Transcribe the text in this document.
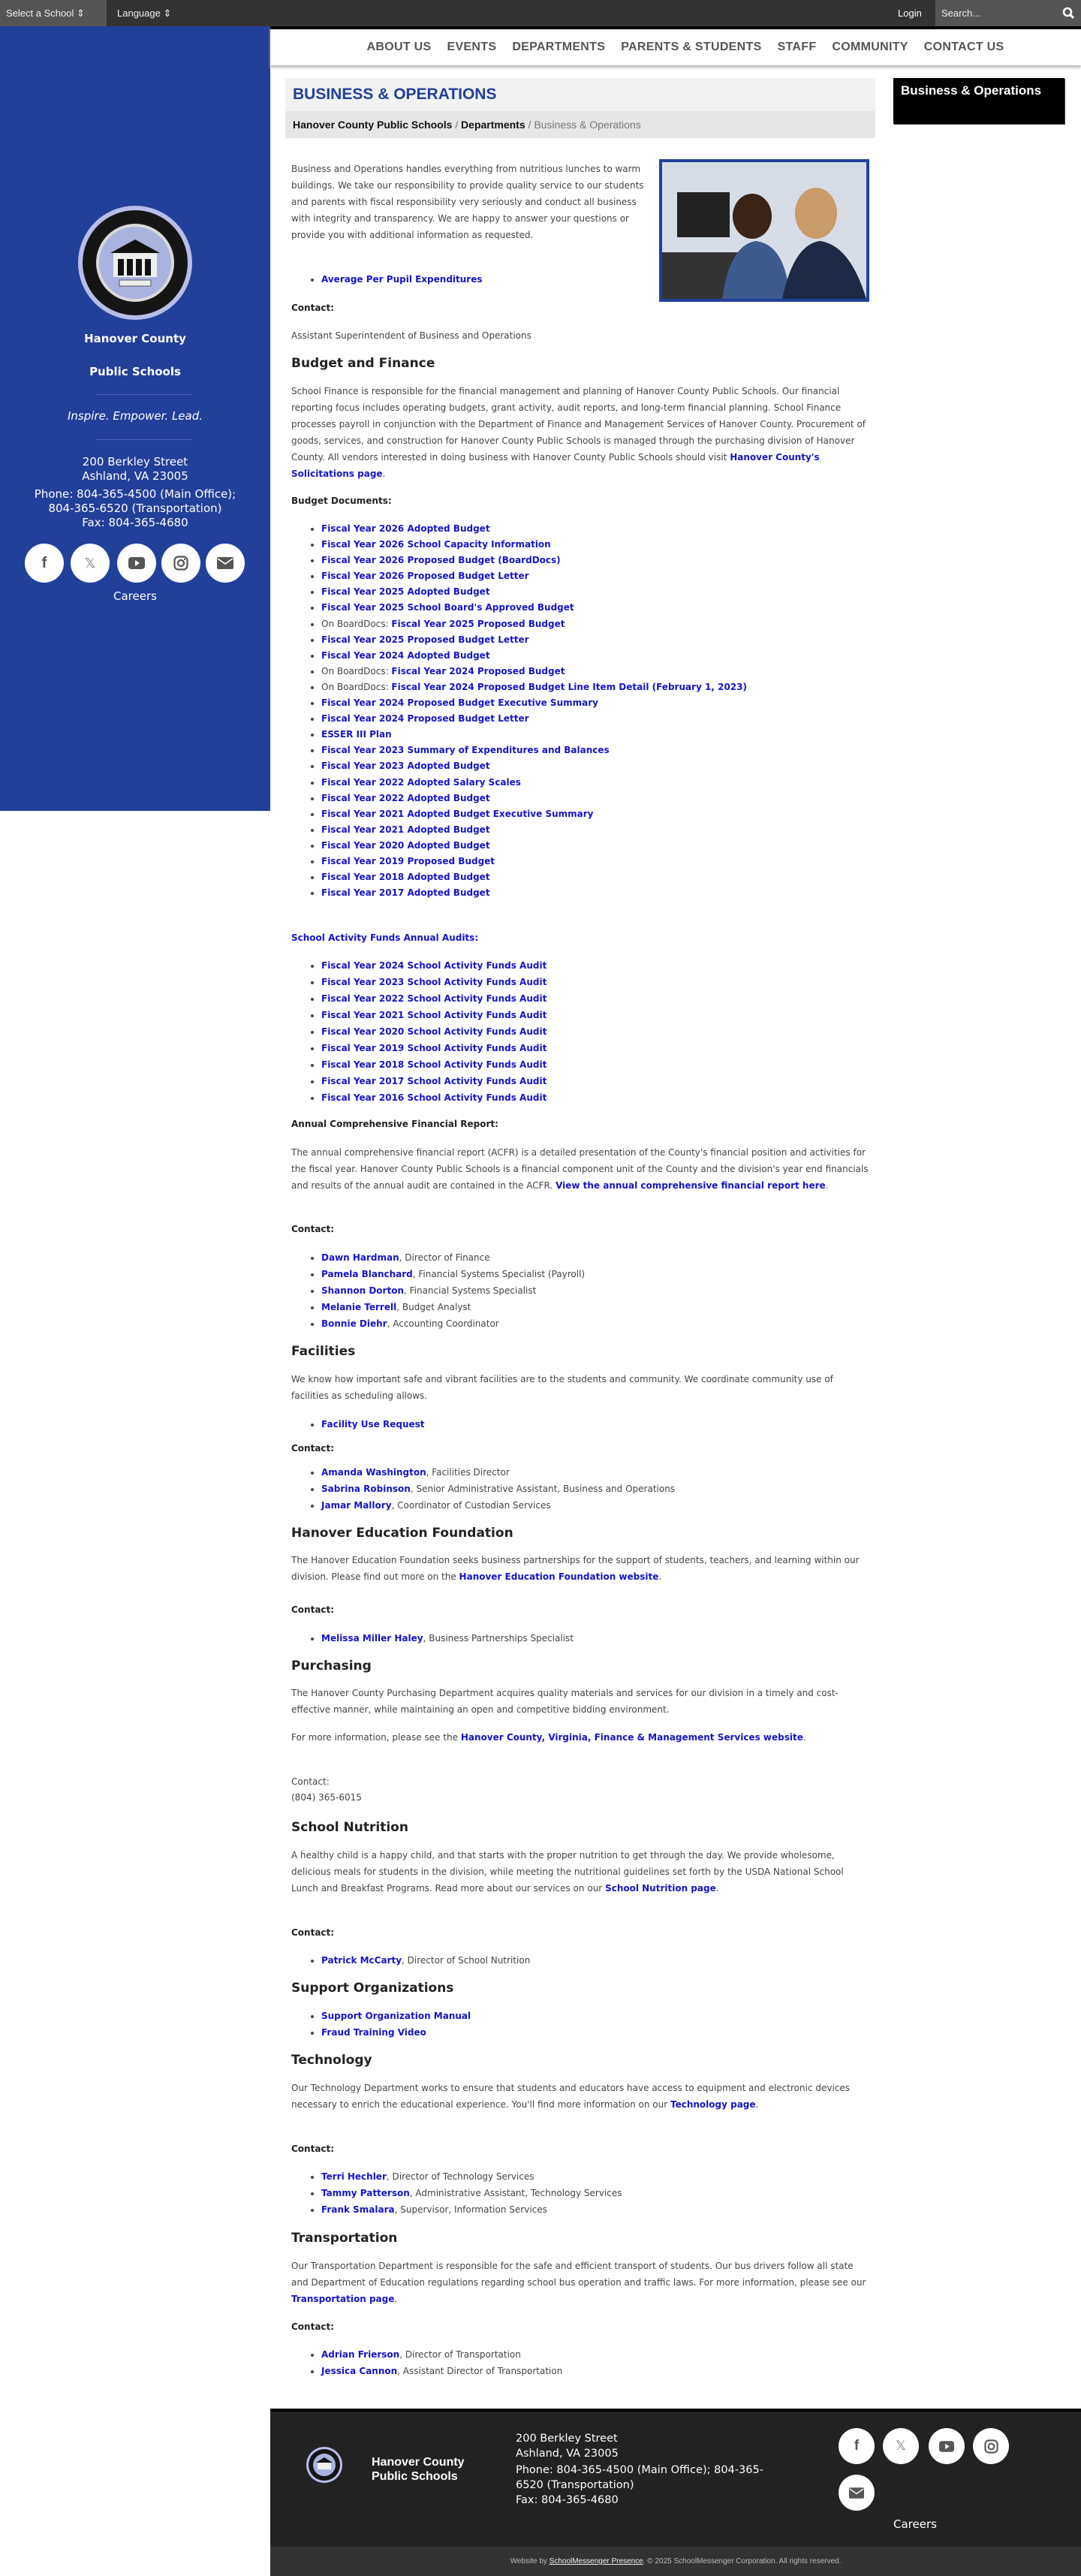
Select a School ⇕	Language ⇕	Login
Search...
Hanover County
Public Schools
Inspire. Empower. Lead.
200 Berkley Street
Ashland, VA 23005
Phone: 804-365-4500 (Main Office);
804-365-6520 (Transportation)
Fax: 804-365-4680
f	𝕏
Careers
ABOUT US EVENTS DEPARTMENTS PARENTS & STUDENTS STAFF COMMUNITY CONTACT US
BUSINESS & OPERATIONS
Hanover County Public Schools / Departments / Business & Operations
Business & Operations
Business and Operations handles everything from nutritious lunches to warm buildings. We take our responsibility to provide quality service to our students and parents with fiscal responsibility very seriously and conduct all business with integrity and transparency. We are happy to answer your questions or provide you with additional information as requested.
• Average Per Pupil Expenditures
Contact:
Assistant Superintendent of Business and Operations
Budget and Finance
School Finance is responsible for the financial management and planning of Hanover County Public Schools. Our financial reporting focus includes operating budgets, grant activity, audit reports, and long-term financial planning. School Finance processes payroll in conjunction with the Department of Finance and Management Services of Hanover County. Procurement of goods, services, and construction for Hanover County Public Schools is managed through the purchasing division of Hanover County. All vendors interested in doing business with Hanover County Public Schools should visit Hanover County's Solicitations page.
Budget Documents:
• Fiscal Year 2026 Adopted Budget
• Fiscal Year 2026 School Capacity Information
• Fiscal Year 2026 Proposed Budget (BoardDocs)
• Fiscal Year 2026 Proposed Budget Letter
• Fiscal Year 2025 Adopted Budget
• Fiscal Year 2025 School Board's Approved Budget
• On BoardDocs: Fiscal Year 2025 Proposed Budget
• Fiscal Year 2025 Proposed Budget Letter
• Fiscal Year 2024 Adopted Budget
• On BoardDocs: Fiscal Year 2024 Proposed Budget
• On BoardDocs: Fiscal Year 2024 Proposed Budget Line Item Detail (February 1, 2023)
• Fiscal Year 2024 Proposed Budget Executive Summary
• Fiscal Year 2024 Proposed Budget Letter
• ESSER III Plan
• Fiscal Year 2023 Summary of Expenditures and Balances
• Fiscal Year 2023 Adopted Budget
• Fiscal Year 2022 Adopted Salary Scales
• Fiscal Year 2022 Adopted Budget
• Fiscal Year 2021 Adopted Budget Executive Summary
• Fiscal Year 2021 Adopted Budget
• Fiscal Year 2020 Adopted Budget
• Fiscal Year 2019 Proposed Budget
• Fiscal Year 2018 Adopted Budget
• Fiscal Year 2017 Adopted Budget
School Activity Funds Annual Audits:
• Fiscal Year 2024 School Activity Funds Audit
• Fiscal Year 2023 School Activity Funds Audit
• Fiscal Year 2022 School Activity Funds Audit
• Fiscal Year 2021 School Activity Funds Audit
• Fiscal Year 2020 School Activity Funds Audit
• Fiscal Year 2019 School Activity Funds Audit
• Fiscal Year 2018 School Activity Funds Audit
• Fiscal Year 2017 School Activity Funds Audit
• Fiscal Year 2016 School Activity Funds Audit
Annual Comprehensive Financial Report:
The annual comprehensive financial report (ACFR) is a detailed presentation of the County's financial position and activities for the fiscal year. Hanover County Public Schools is a financial component unit of the County and the division's year end financials and results of the annual audit are contained in the ACFR. View the annual comprehensive financial report here.
Contact:
• Dawn Hardman, Director of Finance
• Pamela Blanchard, Financial Systems Specialist (Payroll)
• Shannon Dorton, Financial Systems Specialist
• Melanie Terrell, Budget Analyst
• Bonnie Diehr, Accounting Coordinator
Facilities
We know how important safe and vibrant facilities are to the students and community. We coordinate community use of facilities as scheduling allows.
• Facility Use Request
Contact:
• Amanda Washington, Facilities Director
• Sabrina Robinson, Senior Administrative Assistant, Business and Operations
• Jamar Mallory, Coordinator of Custodian Services
Hanover Education Foundation
The Hanover Education Foundation seeks business partnerships for the support of students, teachers, and learning within our division. Please find out more on the Hanover Education Foundation website.
Contact:
• Melissa Miller Haley, Business Partnerships Specialist
Purchasing
The Hanover County Purchasing Department acquires quality materials and services for our division in a timely and cost-effective manner, while maintaining an open and competitive bidding environment.
For more information, please see the Hanover County, Virginia, Finance & Management Services website.
Contact:
(804) 365-6015
School Nutrition
A healthy child is a happy child, and that starts with the proper nutrition to get through the day. We provide wholesome, delicious meals for students in the division, while meeting the nutritional guidelines set forth by the USDA National School Lunch and Breakfast Programs. Read more about our services on our School Nutrition page.
Contact:
• Patrick McCarty, Director of School Nutrition
Support Organizations
• Support Organization Manual
• Fraud Training Video
Technology
Our Technology Department works to ensure that students and educators have access to equipment and electronic devices necessary to enrich the educational experience. You'll find more information on our Technology page.
Contact:
• Terri Hechler, Director of Technology Services
• Tammy Patterson, Administrative Assistant, Technology Services
• Frank Smalara, Supervisor, Information Services
Transportation
Our Transportation Department is responsible for the safe and efficient transport of students. Our bus drivers follow all state and Department of Education regulations regarding school bus operation and traffic laws. For more information, please see our Transportation page.
Contact:
• Adrian Frierson, Director of Transportation
• Jessica Cannon, Assistant Director of Transportation
Hanover County
Public Schools
200 Berkley Street
Ashland, VA 23005
Phone: 804-365-4500 (Main Office); 804-365-6520 (Transportation)
Fax: 804-365-4680
f	𝕏
Careers
Website by SchoolMessenger Presence. © 2025 SchoolMessenger Corporation. All rights reserved.
